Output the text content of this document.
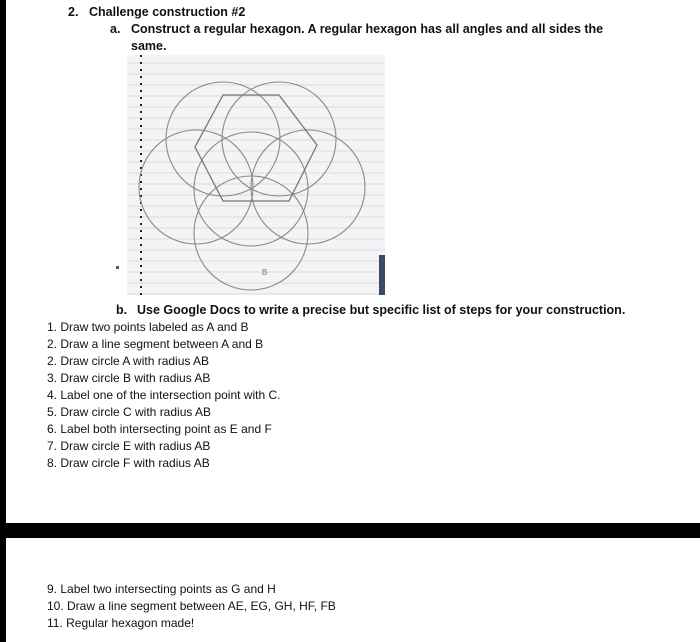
2. Challenge construction #2
a. Construct a regular hexagon. A regular hexagon has all angles and all sides the
same.
B
b. Use Google Docs to write a precise but specific list of steps for your construction.
1. Draw two points labeled as A and B
2. Draw a line segment between A and B
2. Draw circle A with radius AB
3. Draw circle B with radius AB
4. Label one of the intersection point with C.
5. Draw circle C with radius AB
6. Label both intersecting point as E and F
7. Draw circle E with radius AB
8. Draw circle F with radius AB
9. Label two intersecting points as G and H
10. Draw a line segment between AE, EG, GH, HF, FB
11. Regular hexagon made!
